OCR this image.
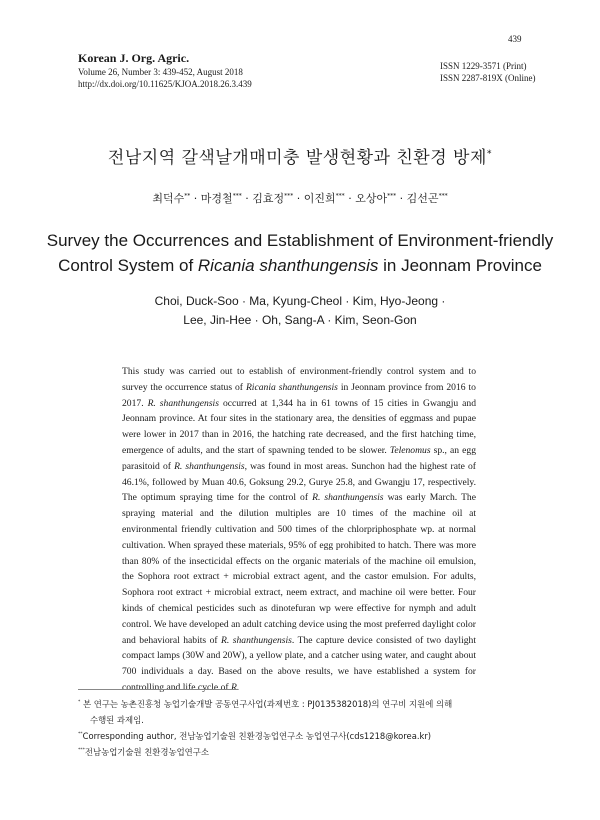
Korean J. Org. Agric.
Volume 26, Number 3: 439-452, August 2018
http://dx.doi.org/10.11625/KJOA.2018.26.3.439
439
ISSN 1229-3571 (Print)
ISSN 2287-819X (Online)
전남지역 갈색날개매미충 발생현황과 친환경 방제*
최덕수** · 마경철*** · 김효정*** · 이진희*** · 오상아*** · 김선곤***
Survey the Occurrences and Establishment of Environment-friendly
Control System of Ricania shanthungensis in Jeonnam Province
Choi, Duck-Soo · Ma, Kyung-Cheol · Kim, Hyo-Jeong ·
Lee, Jin-Hee · Oh, Sang-A · Kim, Seon-Gon
This study was carried out to establish of environment-friendly control system and to survey the occurrence status of Ricania shanthungensis in Jeonnam province from 2016 to 2017. R. shanthungensis occurred at 1,344 ha in 61 towns of 15 cities in Gwangju and Jeonnam province. At four sites in the stationary area, the densities of eggmass and pupae were lower in 2017 than in 2016, the hatching rate decreased, and the first hatching time, emergence of adults, and the start of spawning tended to be slower. Telenomus sp., an egg parasitoid of R. shanthungensis, was found in most areas. Sunchon had the highest rate of 46.1%, followed by Muan 40.6, Goksung 29.2, Gurye 25.8, and Gwangju 17, respectively. The optimum spraying time for the control of R. shanthungensis was early March. The spraying material and the dilution multiples are 10 times of the machine oil at environmental friendly cultivation and 500 times of the chlorpriphosphate wp. at normal cultivation. When sprayed these materials, 95% of egg prohibited to hatch. There was more than 80% of the insecticidal effects on the organic materials of the machine oil emulsion, the Sophora root extract + microbial extract agent, and the castor emulsion. For adults, Sophora root extract + microbial extract, neem extract, and machine oil were better. Four kinds of chemical pesticides such as dinotefuran wp were effective for nymph and adult control. We have developed an adult catching device using the most preferred daylight color and behavioral habits of R. shanthungensis. The capture device consisted of two daylight compact lamps (30W and 20W), a yellow plate, and a catcher using water, and caught about 700 individuals a day. Based on the above results, we have established a system for controlling and life cycle of R.
* 본 연구는 농촌진흥청 농업기술개발 공동연구사업(과제번호 : PJ0135382018)의 연구비 지원에 의해
수행된 과제임.
**Corresponding author, 전남농업기술원 친환경농업연구소 농업연구사(cds1218@korea.kr)
***전남농업기술원 친환경농업연구소
